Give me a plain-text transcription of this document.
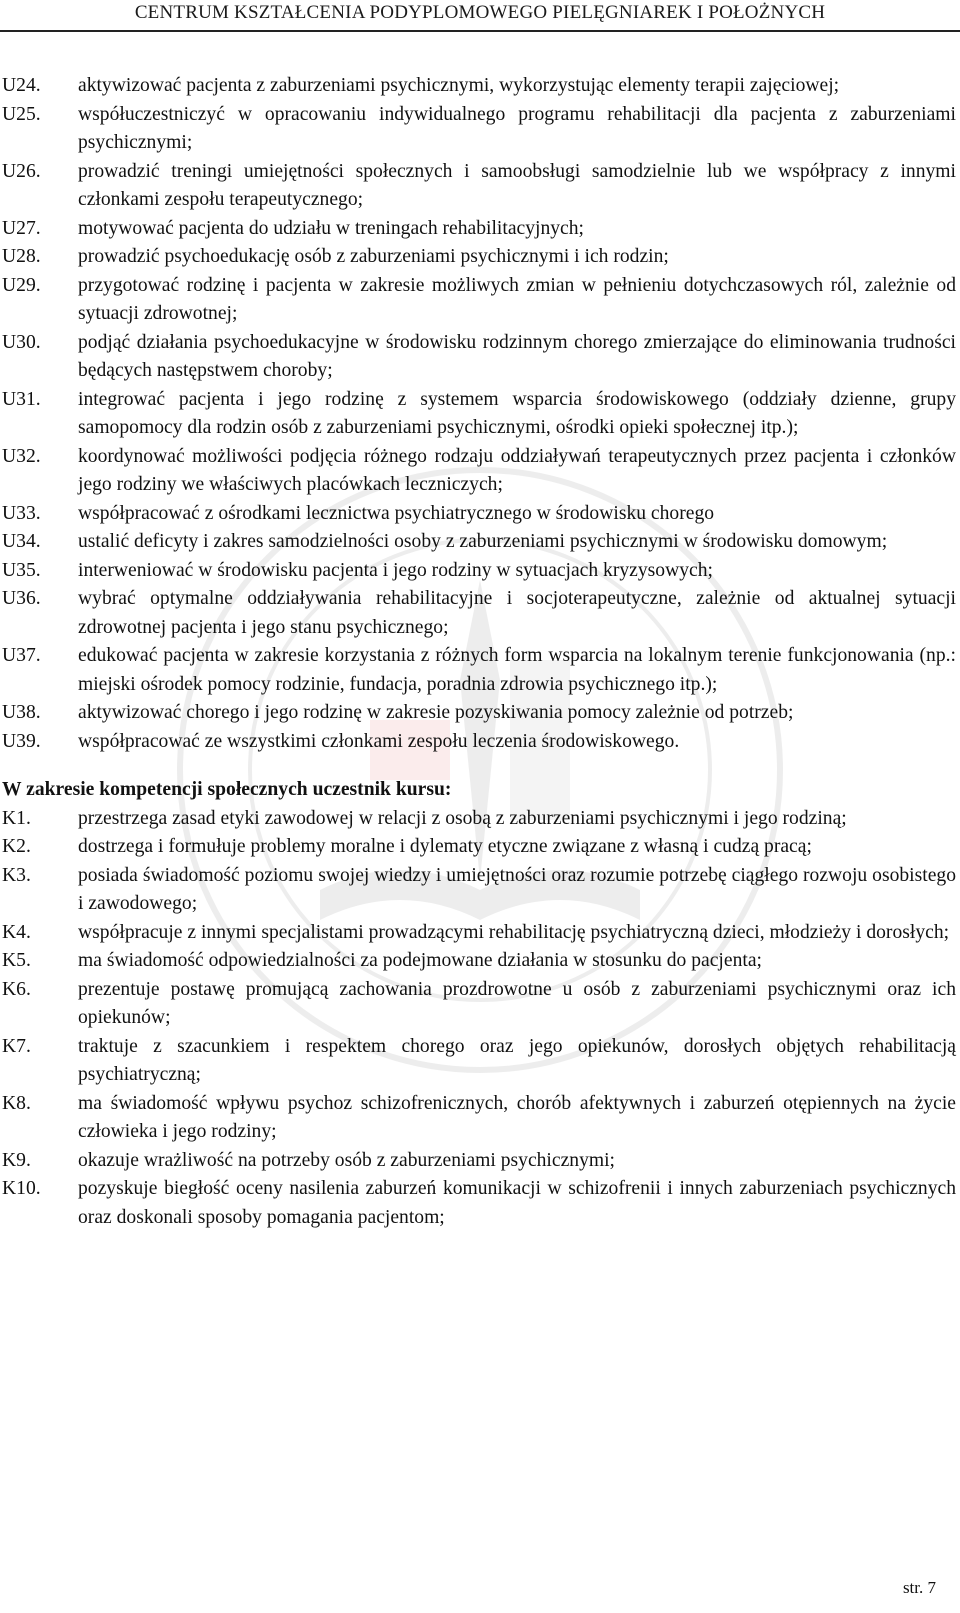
CENTRUM KSZTAŁCENIA PODYPLOMOWEGO PIELĘGNIAREK I POŁOŻNYCH
U24.	aktywizować pacjenta z zaburzeniami psychicznymi, wykorzystując elementy terapii zajęciowej;
U25.	współuczestniczyć w opracowaniu indywidualnego programu rehabilitacji dla pacjenta z zaburzeniami psychicznymi;
U26.	prowadzić treningi umiejętności społecznych i samoobsługi samodzielnie lub we współpracy z innymi członkami zespołu terapeutycznego;
U27.	motywować pacjenta do udziału w treningach rehabilitacyjnych;
U28.	prowadzić psychoedukację osób z zaburzeniami psychicznymi i ich rodzin;
U29.	przygotować rodzinę i pacjenta w zakresie możliwych zmian w pełnieniu dotychczasowych ról, zależnie od sytuacji zdrowotnej;
U30.	podjąć działania psychoedukacyjne w środowisku rodzinnym chorego zmierzające do eliminowania trudności będących następstwem choroby;
U31.	integrować pacjenta i jego rodzinę z systemem wsparcia środowiskowego (oddziały dzienne, grupy samopomocy dla rodzin osób z zaburzeniami psychicznymi, ośrodki opieki społecznej itp.);
U32.	koordynować możliwości podjęcia różnego rodzaju oddziaływań terapeutycznych przez pacjenta i członków jego rodziny we właściwych placówkach leczniczych;
U33.	współpracować z ośrodkami lecznictwa psychiatrycznego w środowisku chorego
U34.	ustalić deficyty i zakres samodzielności osoby z zaburzeniami psychicznymi w środowisku domowym;
U35.	interweniować w środowisku pacjenta i jego rodziny w sytuacjach kryzysowych;
U36.	wybrać optymalne oddziaływania rehabilitacyjne i socjoterapeutyczne, zależnie od aktualnej sytuacji zdrowotnej pacjenta i jego stanu psychicznego;
U37.	edukować pacjenta w zakresie korzystania z różnych form wsparcia na lokalnym terenie funkcjonowania (np.: miejski ośrodek pomocy rodzinie, fundacja, poradnia zdrowia psychicznego itp.);
U38.	aktywizować chorego i jego rodzinę w zakresie pozyskiwania pomocy zależnie od potrzeb;
U39.	współpracować ze wszystkimi członkami zespołu leczenia środowiskowego.
W zakresie kompetencji społecznych uczestnik kursu:
K1.	przestrzega zasad etyki zawodowej w relacji z osobą z zaburzeniami psychicznymi i jego rodziną;
K2.	dostrzega i formułuje problemy moralne i dylematy etyczne związane z własną i cudzą pracą;
K3.	posiada świadomość poziomu swojej wiedzy i umiejętności oraz rozumie potrzebę ciągłego rozwoju osobistego i zawodowego;
K4.	współpracuje z innymi specjalistami prowadzącymi rehabilitację psychiatryczną dzieci, młodzieży i dorosłych;
K5.	ma świadomość odpowiedzialności za podejmowane działania w stosunku do pacjenta;
K6.	prezentuje postawę promującą zachowania prozdrowotne u osób z zaburzeniami psychicznymi oraz ich opiekunów;
K7.	traktuje z szacunkiem i respektem chorego oraz jego opiekunów, dorosłych objętych rehabilitacją psychiatryczną;
K8.	ma świadomość wpływu psychoz schizofrenicznych, chorób afektywnych i zaburzeń otępiennych na życie człowieka i jego rodziny;
K9.	okazuje wrażliwość na potrzeby osób z zaburzeniami psychicznymi;
K10.	pozyskuje biegłość oceny nasilenia zaburzeń komunikacji w schizofrenii i innych zaburzeniach psychicznych oraz doskonali sposoby pomagania pacjentom;
str. 7
